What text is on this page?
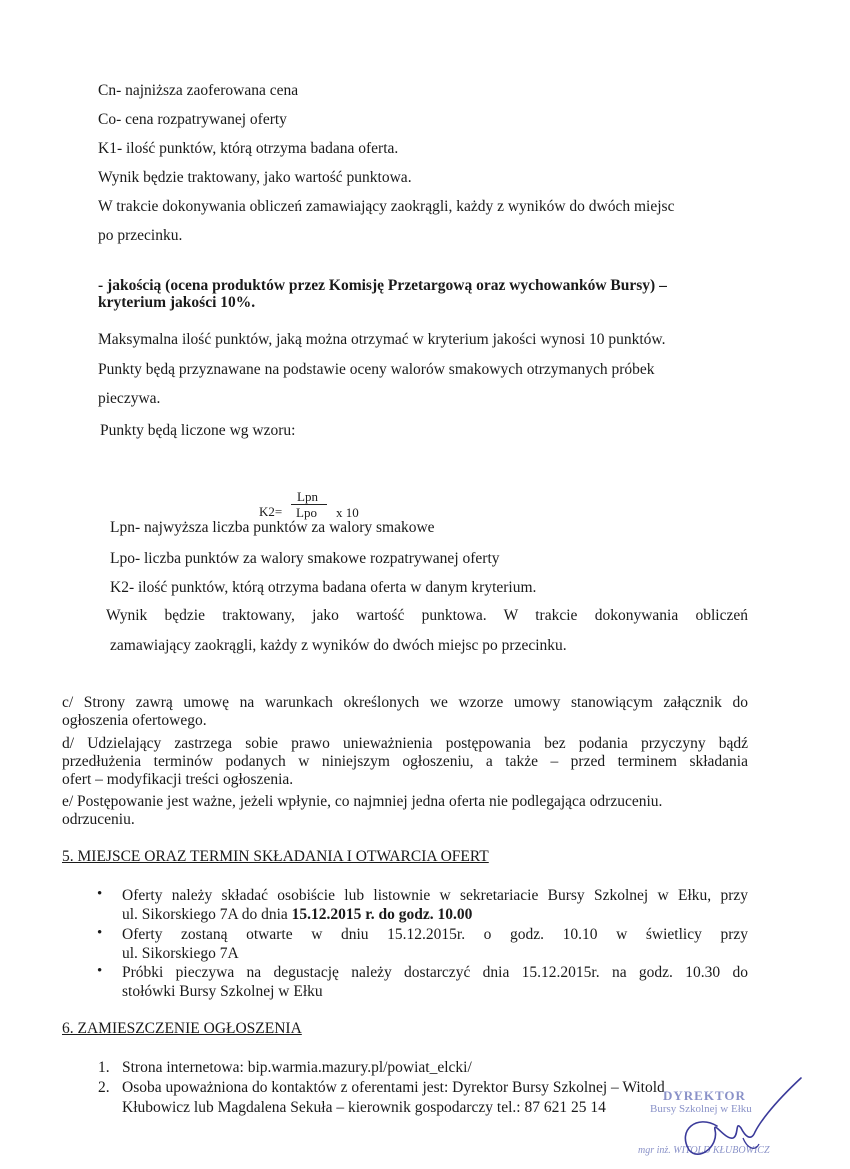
Cn- najniższa zaoferowana cena
Co- cena rozpatrywanej oferty
K1- ilość punktów, którą otrzyma badana oferta.
Wynik będzie traktowany, jako wartość punktowa.
W trakcie dokonywania obliczeń zamawiający zaokrągli, każdy z wyników do dwóch miejsc
po przecinku.
- jakością (ocena produktów przez Komisję Przetargową oraz wychowanków Bursy) –
kryterium jakości 10%.
Maksymalna ilość punktów, jaką można otrzymać w kryterium jakości wynosi 10 punktów.
Punkty będą przyznawane na podstawie oceny walorów smakowych otrzymanych próbek
pieczywa.
Punkty będą liczone wg wzoru:
Lpn
K2= Lpo x 10
Lpn- najwyższa liczba punktów za walory smakowe
Lpo- liczba punktów za walory smakowe rozpatrywanej oferty
K2- ilość punktów, którą otrzyma badana oferta w danym kryterium.
Wynik będzie traktowany, jako wartość punktowa. W trakcie dokonywania obliczeń
zamawiający zaokrągli, każdy z wyników do dwóch miejsc po przecinku.
c/ Strony zawrą umowę na warunkach określonych we wzorze umowy stanowiącym załącznik do
ogłoszenia ofertowego.
d/ Udzielający zastrzega sobie prawo unieważnienia postępowania bez podania przyczyny bądź
przedłużenia terminów podanych w niniejszym ogłoszeniu, a także – przed terminem składania
ofert – modyfikacji treści ogłoszenia.
e/ Postępowanie jest ważne, jeżeli wpłynie, co najmniej jedna oferta nie podlegająca odrzuceniu.
odrzuceniu.
5. MIEJSCE ORAZ TERMIN SKŁADANIA I OTWARCIA OFERT
• Oferty należy składać osobiście lub listownie w sekretariacie Bursy Szkolnej w Ełku, przy
ul. Sikorskiego 7A do dnia 15.12.2015 r. do godz. 10.00
• Oferty zostaną otwarte w dniu 15.12.2015r. o godz. 10.10 w świetlicy przy
ul. Sikorskiego 7A
• Próbki pieczywa na degustację należy dostarczyć dnia 15.12.2015r. na godz. 10.30 do
stołówki Bursy Szkolnej w Ełku
6. ZAMIESZCZENIE OGŁOSZENIA
1. Strona internetowa: bip.warmia.mazury.pl/powiat_elcki/
2. Osoba upoważniona do kontaktów z oferentami jest: Dyrektor Bursy Szkolnej – Witold
Kłubowicz lub Magdalena Sekuła – kierownik gospodarczy tel.: 87 621 25 14
DYREKTOR
Bursy Szkolnej w Ełku
mgr inż. WITOLD KŁUBOWICZ
